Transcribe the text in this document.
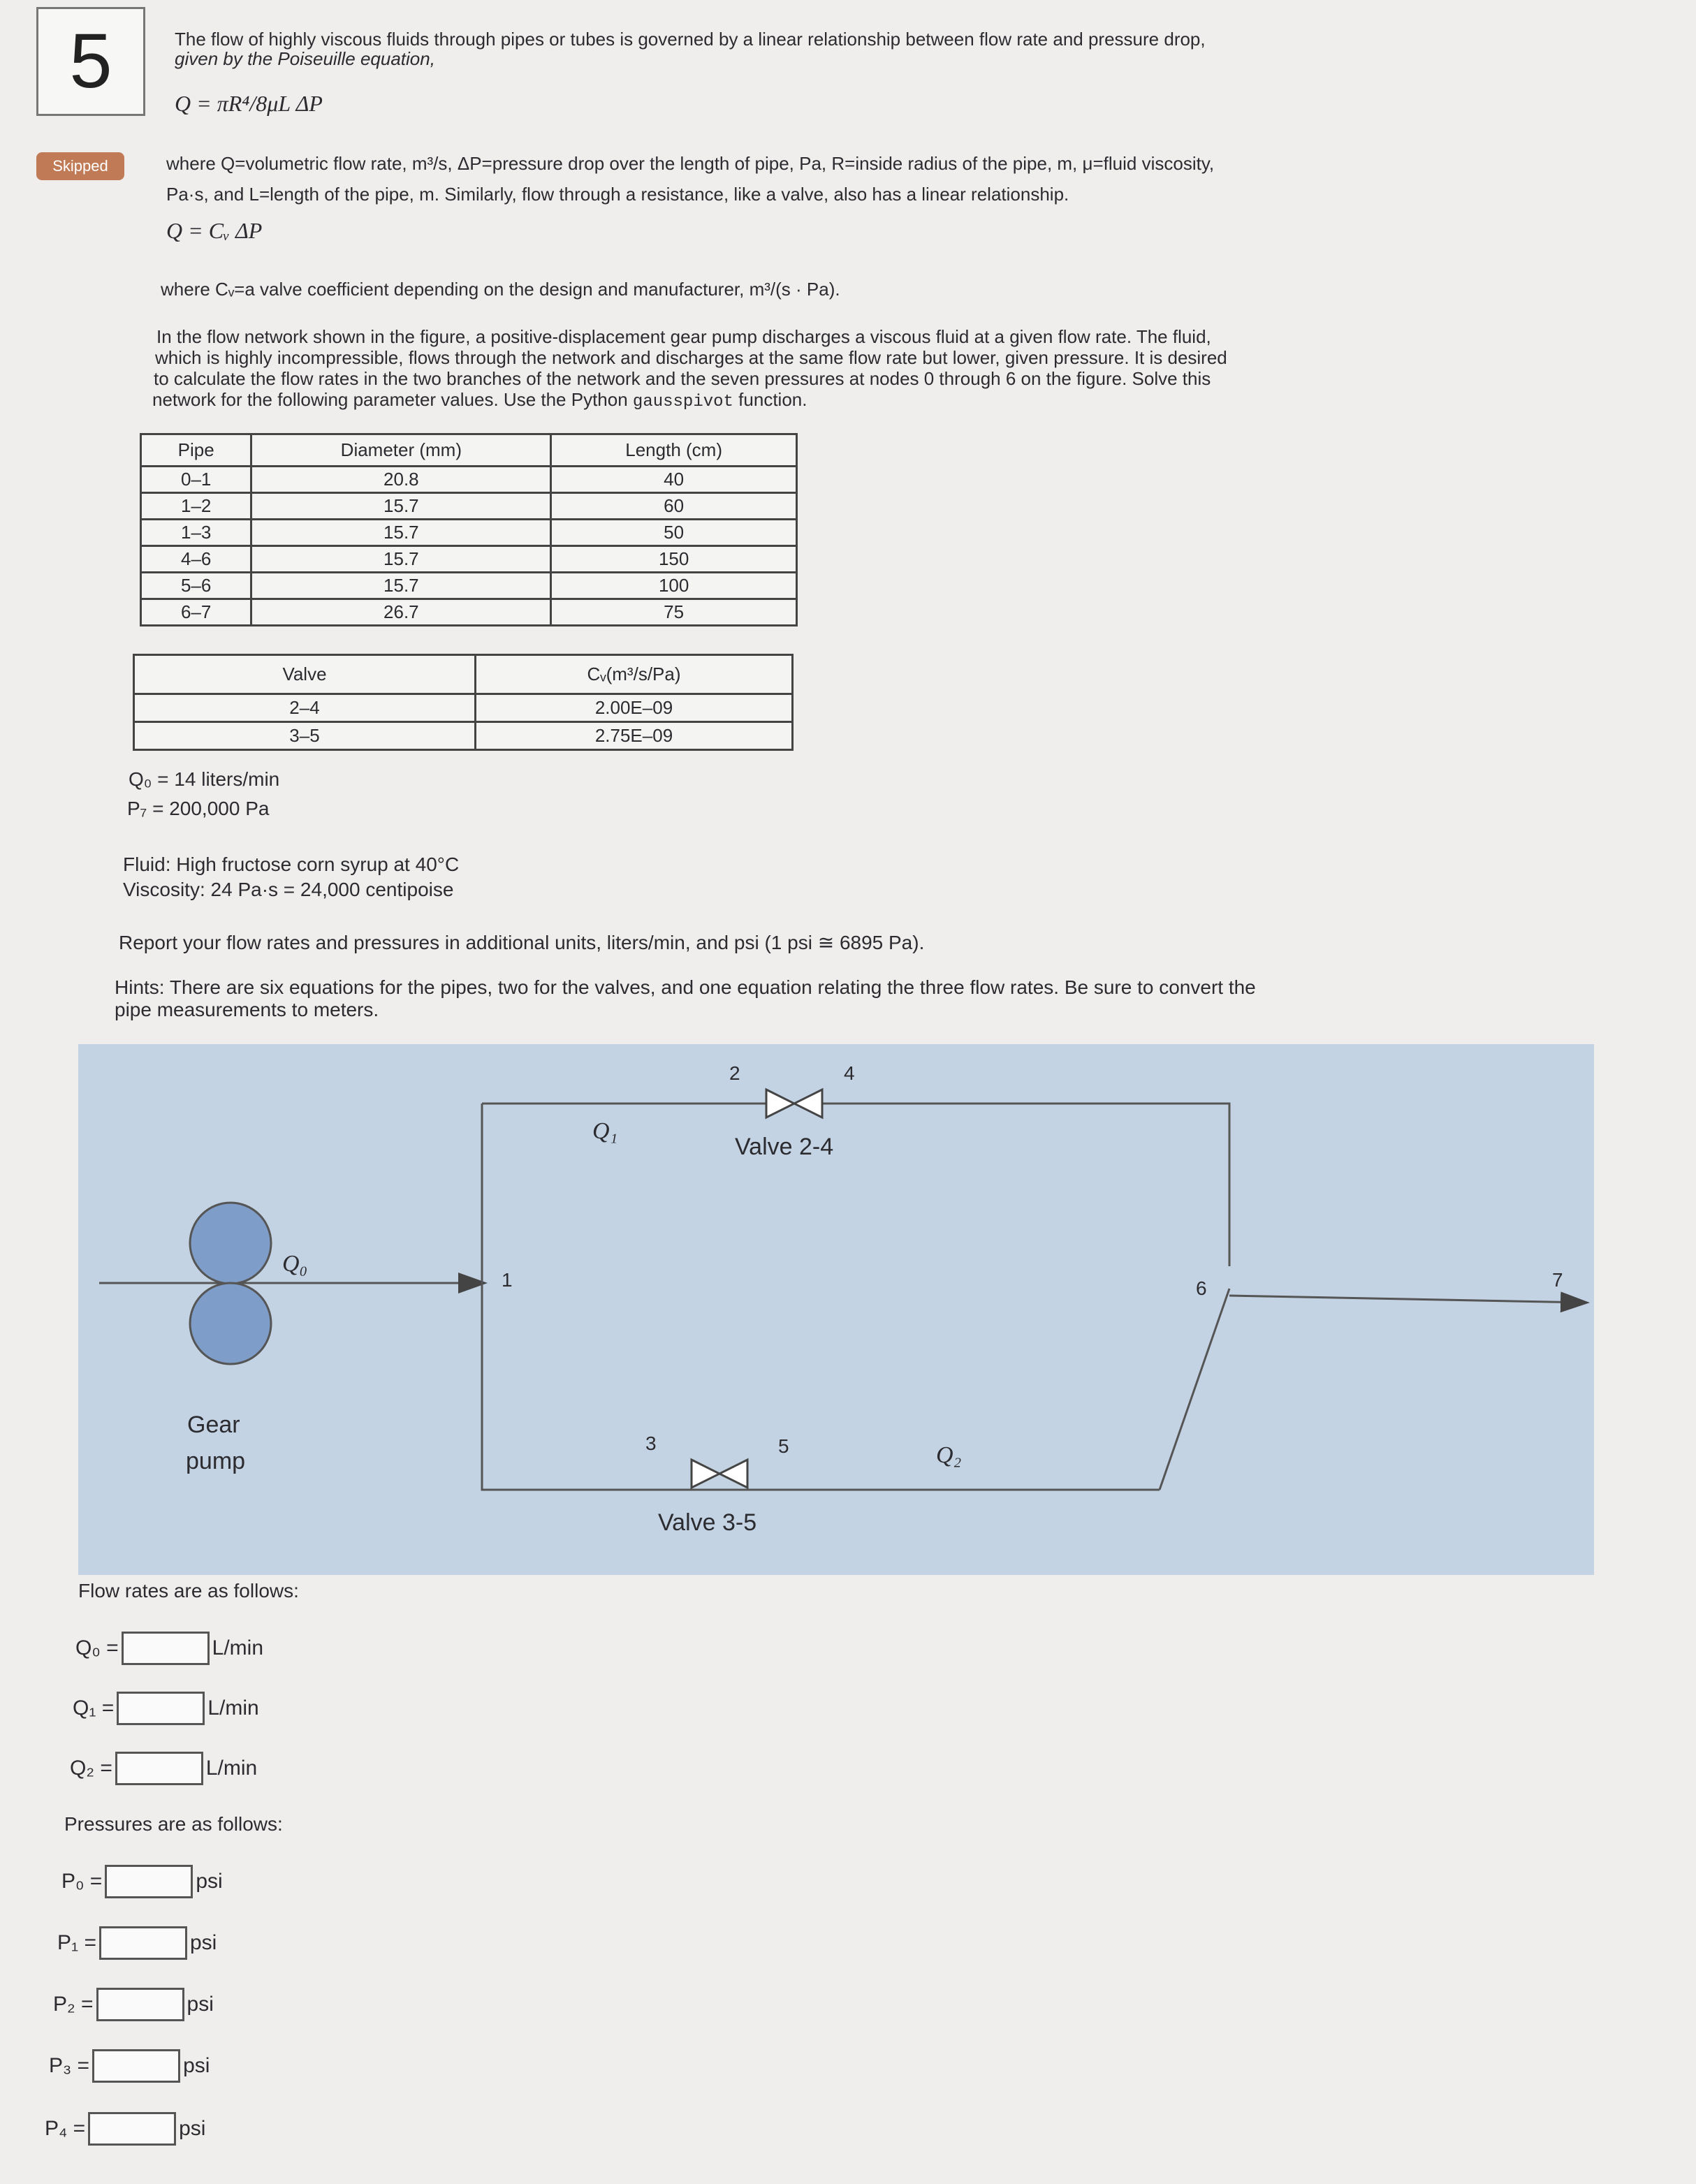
5
Skipped
The flow of highly viscous fluids through pipes or tubes is governed by a linear relationship between flow rate and pressure drop,
given by the Poiseuille equation,
Q = πR⁴/8μL ΔP
where Q=volumetric flow rate, m³/s, ΔP=pressure drop over the length of pipe, Pa, R=inside radius of the pipe, m, μ=fluid viscosity,
Pa·s, and L=length of the pipe, m. Similarly, flow through a resistance, like a valve, also has a linear relationship.
Q = Cᵥ ΔP
where Cᵥ=a valve coefficient depending on the design and manufacturer, m³/(s · Pa).
In the flow network shown in the figure, a positive-displacement gear pump discharges a viscous fluid at a given flow rate. The fluid,
which is highly incompressible, flows through the network and discharges at the same flow rate but lower, given pressure. It is desired
to calculate the flow rates in the two branches of the network and the seven pressures at nodes 0 through 6 on the figure. Solve this
network for the following parameter values. Use the Python gausspivot function.
Pipe	Diameter (mm)	Length (cm)
0–1	20.8	40
1–2	15.7	60
1–3	15.7	50
4–6	15.7	150
5–6	15.7	100
6–7	26.7	75
Valve	Cᵥ(m³/s/Pa)
2–4	2.00E–09
3–5	2.75E–09
Q₀ = 14 liters/min
P₇ = 200,000 Pa
Fluid: High fructose corn syrup at 40°C
Viscosity: 24 Pa·s = 24,000 centipoise
Report your flow rates and pressures in additional units, liters/min, and psi (1 psi ≅ 6895 Pa).
Hints: There are six equations for the pipes, two for the valves, and one equation relating the three flow rates. Be sure to convert the
pipe measurements to meters.
Q₀
Q₁
Q₂
1
2
3
4
5
6	7
Valve 2-4
Valve 3-5
Gear
pump
Flow rates are as follows:
Q₀ =	L/min
Q₁ =	L/min
Q₂ =	L/min
Pressures are as follows:
P₀ =	psi
P₁ =	psi
P₂ =	psi
P₃ =	psi
P₄ =	psi
